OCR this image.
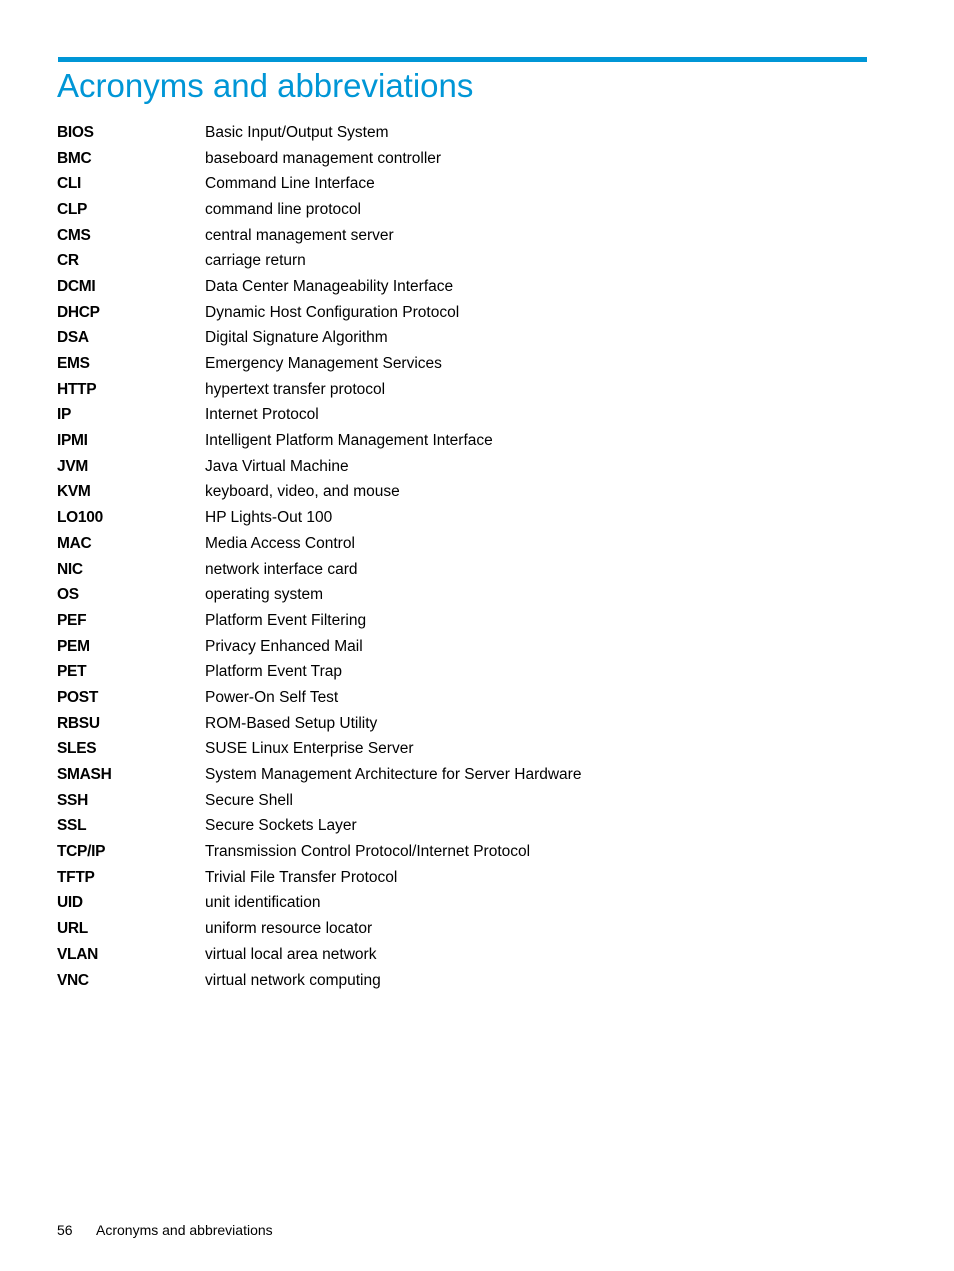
Acronyms and abbreviations
BIOS	Basic Input/Output System
BMC	baseboard management controller
CLI	Command Line Interface
CLP	command line protocol
CMS	central management server
CR	carriage return
DCMI	Data Center Manageability Interface
DHCP	Dynamic Host Configuration Protocol
DSA	Digital Signature Algorithm
EMS	Emergency Management Services
HTTP	hypertext transfer protocol
IP	Internet Protocol
IPMI	Intelligent Platform Management Interface
JVM	Java Virtual Machine
KVM	keyboard, video, and mouse
LO100	HP Lights-Out 100
MAC	Media Access Control
NIC	network interface card
OS	operating system
PEF	Platform Event Filtering
PEM	Privacy Enhanced Mail
PET	Platform Event Trap
POST	Power-On Self Test
RBSU	ROM-Based Setup Utility
SLES	SUSE Linux Enterprise Server
SMASH	System Management Architecture for Server Hardware
SSH	Secure Shell
SSL	Secure Sockets Layer
TCP/IP	Transmission Control Protocol/Internet Protocol
TFTP	Trivial File Transfer Protocol
UID	unit identification
URL	uniform resource locator
VLAN	virtual local area network
VNC	virtual network computing
56 Acronyms and abbreviations
